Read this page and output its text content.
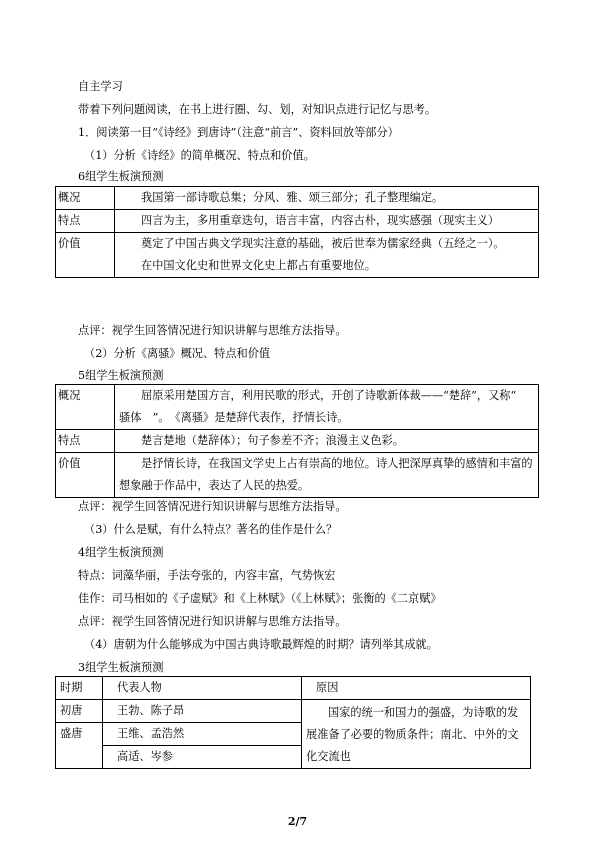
自主学习
带着下列问题阅读，在书上进行圈、勾、划，对知识点进行记忆与思考。
1．阅读第一目“《诗经》到唐诗”（注意“前言”、资料回放等部分）
（1）分析《诗经》的简单概况、特点和价值。
6组学生板演预测
概况	我国第一部诗歌总集；分风、雅、颂三部分；孔子整理编定。

特点	四言为主，多用重章迭句，语言丰富，内容古朴，现实感强（现实主义）

价值	奠定了中国古典文学现实注意的基础，被后世奉为儒家经典（五经之一）。
在中国文化史和世界文化史上都占有重要地位。
点评：视学生回答情况进行知识讲解与思维方法指导。
（2）分析《离骚》概况、特点和价值
5组学生板演预测
概况	屈原采用楚国方言，利用民歌的形式，开创了诗歌新体裁——“楚辞”，又称“　骚体　”。　《离骚》是楚辞代表作，抒情长诗。

特点	楚言楚地（楚辞体）；句子参差不齐；浪漫主义色彩。

价值	是抒情长诗，在我国文学史上占有崇高的地位。诗人把深厚真挚的感情和丰富的想象融于作品中，表达了人民的热爱。
点评：视学生回答情况进行知识讲解与思维方法指导。
（3）什么是赋，有什么特点？著名的佳作是什么？
4组学生板演预测
特点：词藻华丽，手法夸张的，内容丰富，气势恢宏
佳作：司马相如的《子虚赋》和《上林赋》（《上林赋》；张衡的《二京赋》
点评：视学生回答情况进行知识讲解与思维方法指导。
（4）唐朝为什么能够成为中国古典诗歌最辉煌的时期？请列举其成就。
3组学生板演预测
时期	代表人物	原因
初唐	王勃、陈子昂	国家的统一和国力的强盛，为诗歌的发展准备了必要的物质条件；南北、中外的文化交流也

盛唐	王维、孟浩然	
	高适、岑参	
2/7
